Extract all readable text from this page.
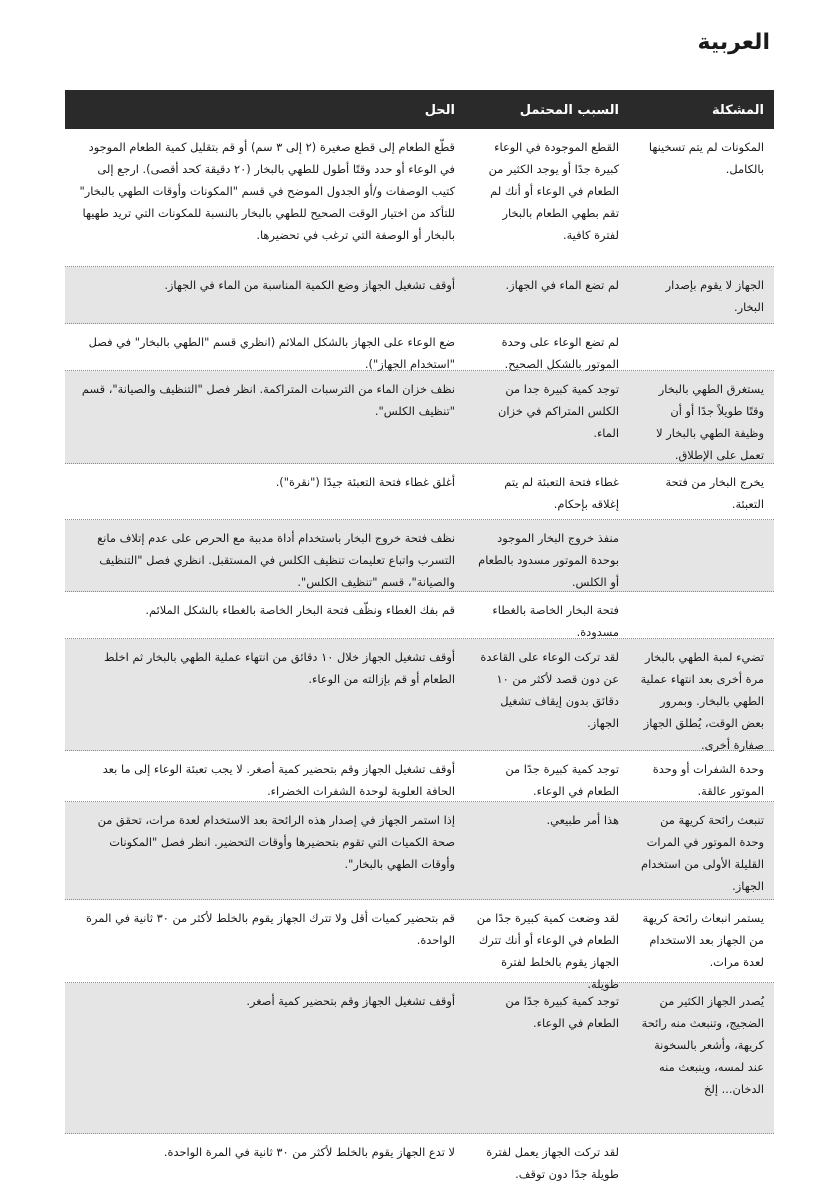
العربية
المشكلة
السبب المحتمل
الحل
المكونات لم يتم تسخينها بالكامل.
القطع الموجودة في الوعاء كبيرة جدًا أو يوجد الكثير من الطعام في الوعاء أو أنك لم تقم بطهي الطعام بالبخار لفترة كافية.
قطّع الطعام إلى قطع صغيرة (٢ إلى ٣ سم) أو قم بتقليل كمية الطعام الموجود في الوعاء أو حدد وقتًا أطول للطهي بالبخار (٢٠ دقيقة كحد أقصى). ارجع إلى كتيب الوصفات و/أو الجدول الموضح في قسم "المكونات وأوقات الطهي بالبخار" للتأكد من اختيار الوقت الصحيح للطهي بالبخار بالنسبة للمكونات التي تريد طهيها بالبخار أو الوصفة التي ترغب في تحضيرها.
الجهاز لا يقوم بإصدار البخار.
لم تضع الماء في الجهاز.
أوقف تشغيل الجهاز وضع الكمية المناسبة من الماء في الجهاز.
لم تضع الوعاء على وحدة الموتور بالشكل الصحيح.
ضع الوعاء على الجهاز بالشكل الملائم (انظري قسم "الطهي بالبخار" في فصل "استخدام الجهاز").
يستغرق الطهي بالبخار وقتًا طويلاً جدًا أو أن وظيفة الطهي بالبخار لا تعمل على الإطلاق.
توجد كمية كبيرة جدا من الكلس المتراكم في خزان الماء.
نظف خزان الماء من الترسبات المتراكمة. انظر فصل "التنظيف والصيانة"، قسم "تنظيف الكلس".
يخرج البخار من فتحة التعبئة.
غطاء فتحة التعبئة لم يتم إغلاقه بإحكام.
أغلق غطاء فتحة التعبئة جيدًا ("نقرة").
منفذ خروج البخار الموجود بوحدة الموتور مسدود بالطعام أو الكلس.
نظف فتحة خروج البخار باستخدام أداة مدببة مع الحرص على عدم إتلاف مانع التسرب واتباع تعليمات تنظيف الكلس في المستقبل. انظري فصل "التنظيف والصيانة"، قسم "تنظيف الكلس".
فتحة البخار الخاصة بالغطاء مسدودة.
قم بفك الغطاء ونظّف فتحة البخار الخاصة بالغطاء بالشكل الملائم.
تضيء لمبة الطهي بالبخار مرة أخرى بعد انتهاء عملية الطهي بالبخار. وبمرور بعض الوقت، يُطلق الجهاز صفارة أخرى.
لقد تركت الوعاء على القاعدة عن دون قصد لأكثر من ١٠ دقائق بدون إيقاف تشغيل الجهاز.
أوقف تشغيل الجهاز خلال ١٠ دقائق من انتهاء عملية الطهي بالبخار ثم اخلط الطعام أو قم بإزالته من الوعاء.
وحدة الشفرات أو وحدة الموتور عالقة.
توجد كمية كبيرة جدًا من الطعام في الوعاء.
أوقف تشغيل الجهاز وقم بتحضير كمية أصغر. لا يجب تعبئة الوعاء إلى ما بعد الحافة العلوية لوحدة الشفرات الخضراء.
تنبعث رائحة كريهة من وحدة الموتور في المرات القليلة الأولى من استخدام الجهاز.
هذا أمر طبيعي.
إذا استمر الجهاز في إصدار هذه الرائحة بعد الاستخدام لعدة مرات، تحقق من صحة الكميات التي تقوم بتحضيرها وأوقات التحضير. انظر فصل "المكونات وأوقات الطهي بالبخار".
يستمر انبعاث رائحة كريهة من الجهاز بعد الاستخدام لعدة مرات.
لقد وضعت كمية كبيرة جدًا من الطعام في الوعاء أو أنك تترك الجهاز يقوم بالخلط لفترة طويلة.
قم بتحضير كميات أقل ولا تترك الجهاز يقوم بالخلط لأكثر من ٣٠ ثانية في المرة الواحدة.
يُصدر الجهاز الكثير من الضجيج، وتنبعث منه رائحة كريهة، وأشعر بالسخونة عند لمسه، وينبعث منه الدخان... إلخ
توجد كمية كبيرة جدًا من الطعام في الوعاء.
أوقف تشغيل الجهاز وقم بتحضير كمية أصغر.
لقد تركت الجهاز يعمل لفترة طويلة جدًا دون توقف.
لا تدع الجهاز يقوم بالخلط لأكثر من ٣٠ ثانية في المرة الواحدة.
